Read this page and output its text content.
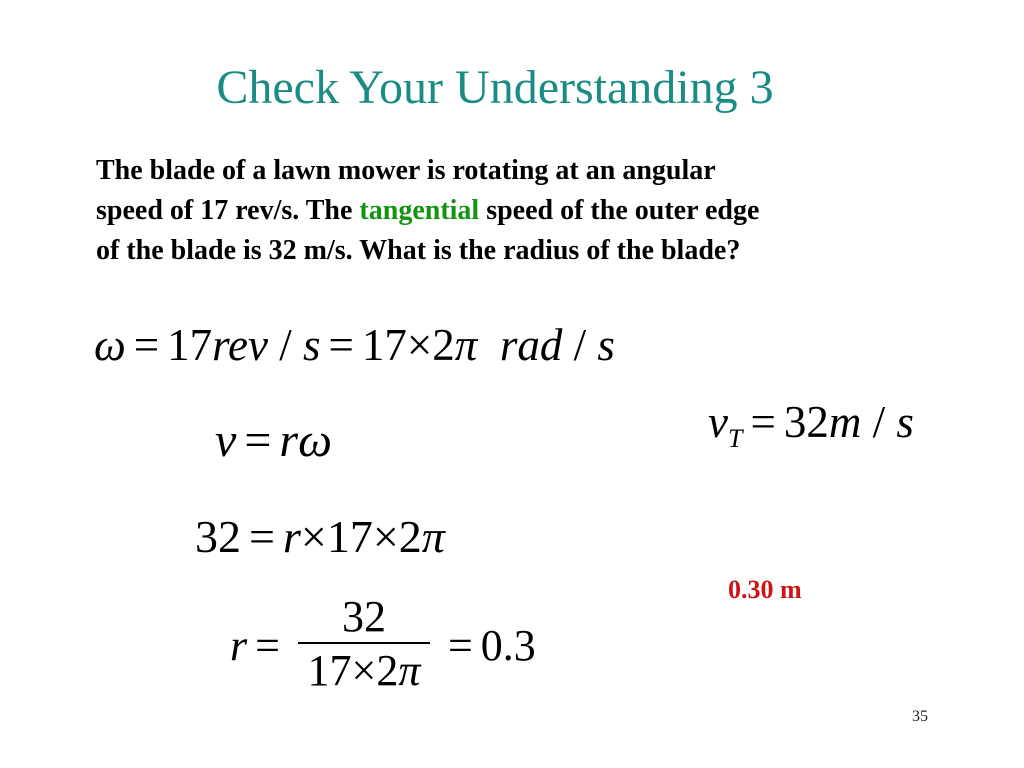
Check Your Understanding 3
The blade of a lawn mower is rotating at an angular
speed of 17 rev/s. The tangential speed of the outer edge
of the blade is 32 m/s. What is the radius of the blade?
ω = 17rev / s = 17×2π rad / s
v = rω	$v_T = 32m / s$
32 = r×17×2π
$r = \frac{32}{17\times 2\pi} = 0.3$
0.30 m
35
